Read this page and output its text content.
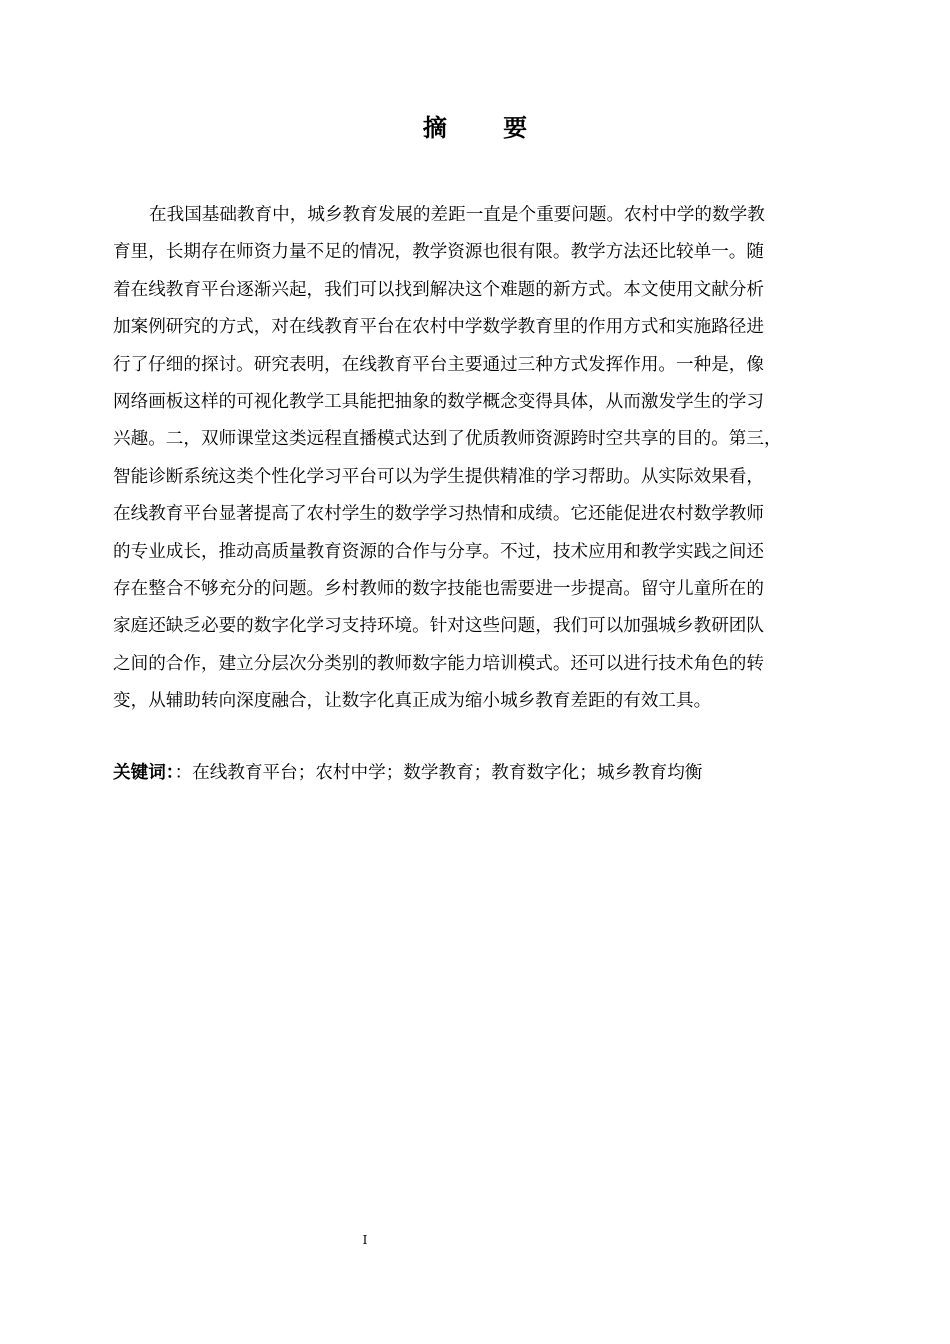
摘 要
在我国基础教育中，城乡教育发展的差距一直是个重要问题。农村中学的数学教
育里，长期存在师资力量不足的情况，教学资源也很有限。教学方法还比较单一。随
着在线教育平台逐渐兴起，我们可以找到解决这个难题的新方式。本文使用文献分析
加案例研究的方式，对在线教育平台在农村中学数学教育里的作用方式和实施路径进
行了仔细的探讨。研究表明，在线教育平台主要通过三种方式发挥作用。一种是，像
网络画板这样的可视化教学工具能把抽象的数学概念变得具体，从而激发学生的学习
兴趣。二，双师课堂这类远程直播模式达到了优质教师资源跨时空共享的目的。第三，
智能诊断系统这类个性化学习平台可以为学生提供精准的学习帮助。从实际效果看，
在线教育平台显著提高了农村学生的数学学习热情和成绩。它还能促进农村数学教师
的专业成长，推动高质量教育资源的合作与分享。不过，技术应用和教学实践之间还
存在整合不够充分的问题。乡村教师的数字技能也需要进一步提高。留守儿童所在的
家庭还缺乏必要的数字化学习支持环境。针对这些问题，我们可以加强城乡教研团队
之间的合作，建立分层次分类别的教师数字能力培训模式。还可以进行技术角色的转
变，从辅助转向深度融合，让数字化真正成为缩小城乡教育差距的有效工具。
关键词：：在线教育平台；农村中学；数学教育；教育数字化；城乡教育均衡
I
